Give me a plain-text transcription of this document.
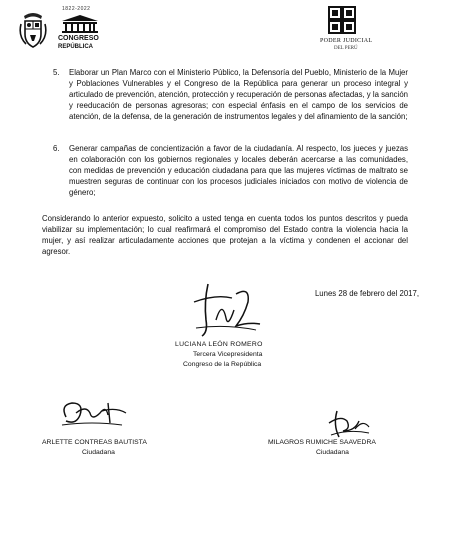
1822-2022
CONGRESO
REPÚBLICA
PODER JUDICIAL
DEL PERÚ
5. Elaborar un Plan Marco con el Ministerio Público, la Defensoría del Pueblo, Ministerio de la Mujer y Poblaciones Vulnerables y el Congreso de la República para generar un proceso integral y articulado de prevención, atención, protección y recuperación de personas afectadas, y la sanción y reeducación de personas agresoras; con especial énfasis en el campo de los servicios de atención, de la defensa, de la generación de instrumentos legales y del afinamiento de la sanción;
6. Generar campañas de concientización a favor de la ciudadanía. Al respecto, los jueces y juezas en colaboración con los gobiernos regionales y locales deberán acercarse a las comunidades, con medidas de prevención y educación ciudadana para que las mujeres víctimas de maltrato se muestren seguras de continuar con los procesos judiciales iniciados con motivo de violencia de género;
Considerando lo anterior expuesto, solicito a usted tenga en cuenta todos los puntos descritos y pueda viabilizar su implementación; lo cual reafirmará el compromiso del Estado contra la violencia hacia la mujer, y así realizar articuladamente acciones que protejan a la víctima y condenen el accionar del agresor.
Lunes 28 de febrero del 2017,
LUCIANA LEÓN ROMERO
Tercera Vicepresidenta
Congreso de la República
ARLETTE CONTREAS BAUTISTA
Ciudadana
MILAGROS RUMICHE SAAVEDRA
Ciudadana
